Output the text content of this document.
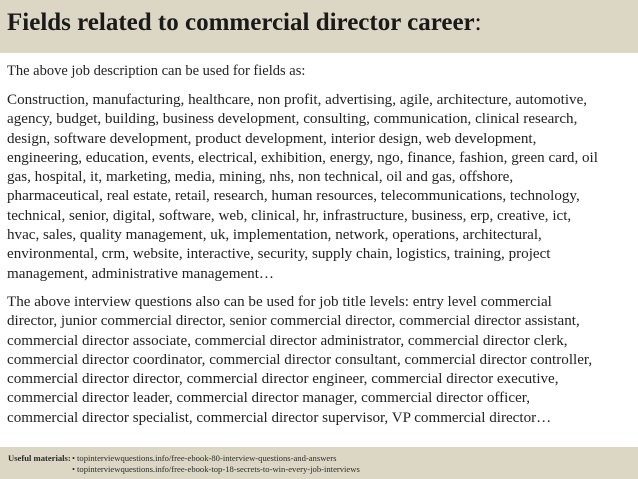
Fields related to commercial director career:

The above job description can be used for fields as:

Construction, manufacturing, healthcare, non profit, advertising, agile, architecture, automotive,
agency, budget, building, business development, consulting, communication, clinical research,
design, software development, product development, interior design, web development,
engineering, education, events, electrical, exhibition, energy, ngo, finance, fashion, green card, oil
gas, hospital, it, marketing, media, mining, nhs, non technical, oil and gas, offshore,
pharmaceutical, real estate, retail, research, human resources, telecommunications, technology,
technical, senior, digital, software, web, clinical, hr, infrastructure, business, erp, creative, ict,
hvac, sales, quality management, uk, implementation, network, operations, architectural,
environmental, crm, website, interactive, security, supply chain, logistics, training, project
management, administrative management…

The above interview questions also can be used for job title levels: entry level commercial
director, junior commercial director, senior commercial director, commercial director assistant,
commercial director associate, commercial director administrator, commercial director clerk,
commercial director coordinator, commercial director consultant, commercial director controller,
commercial director director, commercial director engineer, commercial director executive,
commercial director leader, commercial director manager, commercial director officer,
commercial director specialist, commercial director supervisor, VP commercial director…

Useful materials: • topinterviewquestions.info/free-ebook-80-interview-questions-and-answers
• topinterviewquestions.info/free-ebook-top-18-secrets-to-win-every-job-interviews
